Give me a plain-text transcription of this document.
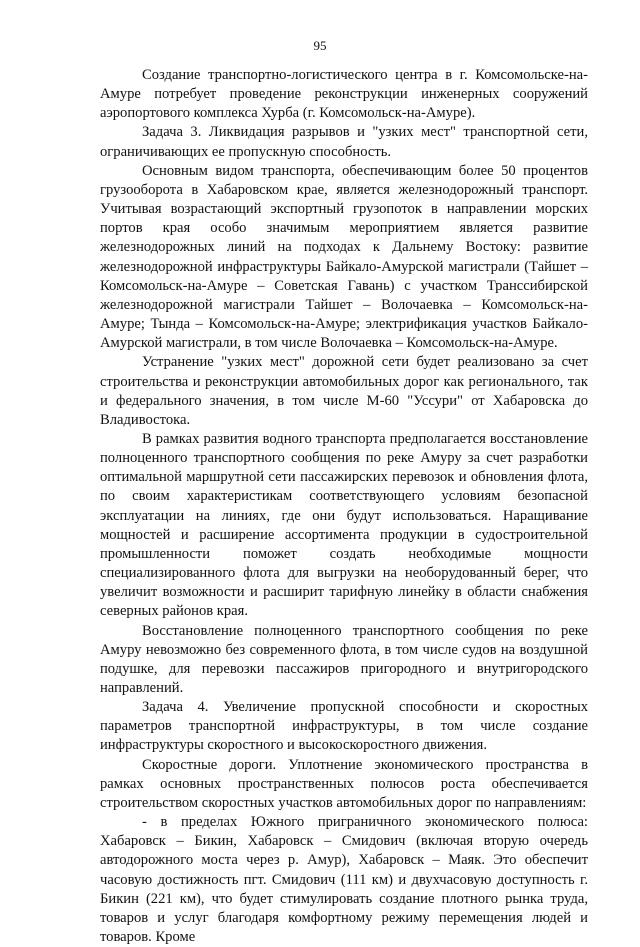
95

Создание транспортно-логистического центра в г. Комсомольске-на-Амуре потребует проведение реконструкции инженерных сооружений аэропортового комплекса Хурба (г. Комсомольск-на-Амуре).

Задача 3. Ликвидация разрывов и "узких мест" транспортной сети, ограничивающих ее пропускную способность.

Основным видом транспорта, обеспечивающим более 50 процентов грузооборота в Хабаровском крае, является железнодорожный транспорт. Учитывая возрастающий экспортный грузопоток в направлении морских портов края особо значимым мероприятием является развитие железнодорожных линий на подходах к Дальнему Востоку: развитие железнодорожной инфраструктуры Байкало-Амурской магистрали (Тайшет – Комсомольск-на-Амуре – Советская Гавань) с участком Транссибирской железнодорожной магистрали Тайшет – Волочаевка – Комсомольск-на-Амуре; Тында – Комсомольск-на-Амуре; электрификация участков Байкало-Амурской магистрали, в том числе Волочаевка – Комсомольск-на-Амуре.

Устранение "узких мест" дорожной сети будет реализовано за счет строительства и реконструкции автомобильных дорог как регионального, так и федерального значения, в том числе М-60 "Уссури" от Хабаровска до Владивостока.

В рамках развития водного транспорта предполагается восстановление полноценного транспортного сообщения по реке Амуру за счет разработки оптимальной маршрутной сети пассажирских перевозок и обновления флота, по своим характеристикам соответствующего условиям безопасной эксплуатации на линиях, где они будут использоваться. Наращивание мощностей и расширение ассортимента продукции в судостроительной промышленности поможет создать необходимые мощности специализированного флота для выгрузки на необорудованный берег, что увеличит возможности и расширит тарифную линейку в области снабжения северных районов края.

Восстановление полноценного транспортного сообщения по реке Амуру невозможно без современного флота, в том числе судов на воздушной подушке, для перевозки пассажиров пригородного и внутригородского направлений.

Задача 4. Увеличение пропускной способности и скоростных параметров транспортной инфраструктуры, в том числе создание инфраструктуры скоростного и высокоскоростного движения.

Скоростные дороги. Уплотнение экономического пространства в рамках основных пространственных полюсов роста обеспечивается строительством скоростных участков автомобильных дорог по направлениям:

- в пределах Южного приграничного экономического полюса: Хабаровск – Бикин, Хабаровск – Смидович (включая вторую очередь автодорожного моста через р. Амур), Хабаровск – Маяк. Это обеспечит часовую достижность пгт. Смидович (111 км) и двухчасовую доступность г. Бикин (221 км), что будет стимулировать создание плотного рынка труда, товаров и услуг благодаря комфортному режиму перемещения людей и товаров. Кроме
